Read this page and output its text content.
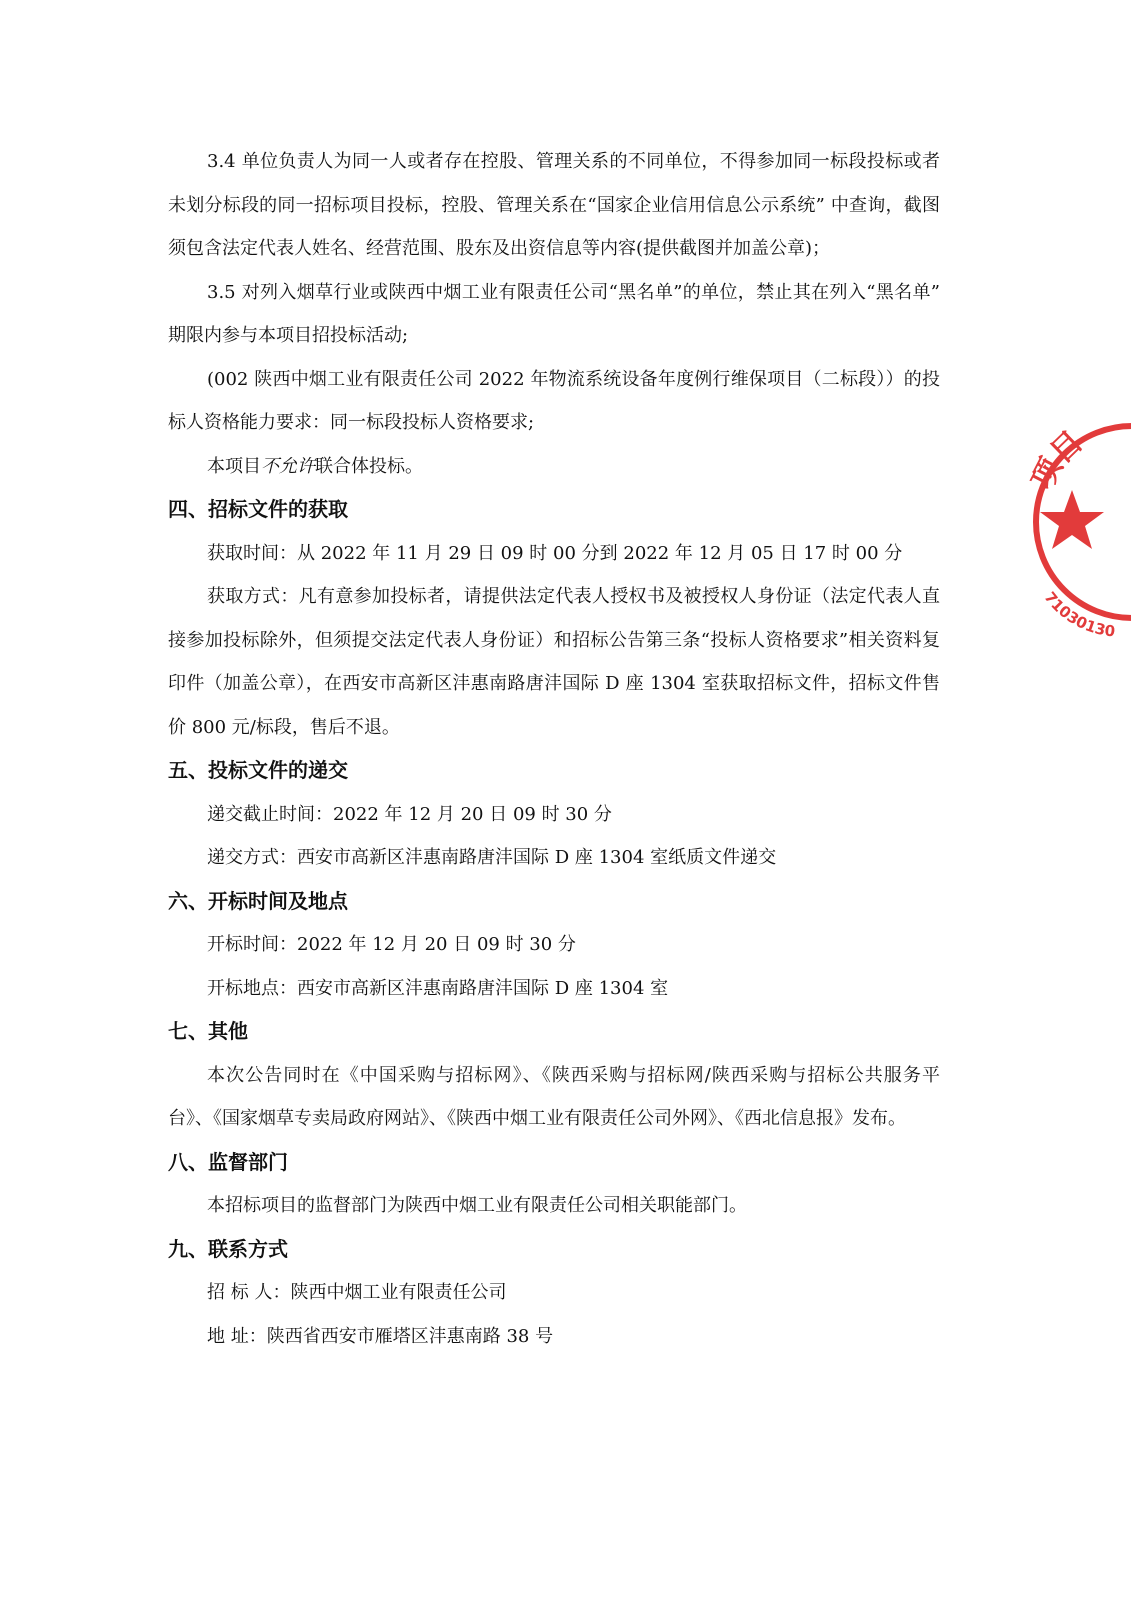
3.4 单位负责人为同一人或者存在控股、管理关系的不同单位，不得参加同一标段投标或者 未划分标段的同一招标项目投标，控股、管理关系在“国家企业信用信息公示系统” 中查询，截图须包含法定代表人姓名、经营范围、股东及出资信息等内容(提供截图并加盖公章)；

3.5 对列入烟草行业或陕西中烟工业有限责任公司“黑名单”的单位，禁止其在列入“黑名单” 期限内参与本项目招投标活动;

(002 陕西中烟工业有限责任公司 2022 年物流系统设备年度例行维保项目（二标段））的投标人资格能力要求：同一标段投标人资格要求;

本项目不允许联合体投标。

四、招标文件的获取

获取时间：从 2022 年 11 月 29 日 09 时 00 分到 2022 年 12 月 05 日 17 时 00 分

获取方式：凡有意参加投标者，请提供法定代表人授权书及被授权人身份证（法定代表人直接参加投标除外，但须提交法定代表人身份证）和招标公告第三条“投标人资格要求”相关资料复印件（加盖公章），在西安市高新区沣惠南路唐沣国际 D 座 1304 室获取招标文件，招标文件售价 800 元/标段，售后不退。

五、投标文件的递交

递交截止时间：2022 年 12 月 20 日 09 时 30 分

递交方式：西安市高新区沣惠南路唐沣国际 D 座 1304 室纸质文件递交

六、开标时间及地点

开标时间：2022 年 12 月 20 日 09 时 30 分

开标地点：西安市高新区沣惠南路唐沣国际 D 座 1304 室

七、其他

本次公告同时在《中国采购与招标网》、《陕西采购与招标网/陕西采购与招标公共服务平台》、《国家烟草专卖局政府网站》、《陕西中烟工业有限责任公司外网》、《西北信息报》发布。

八、监督部门

本招标项目的监督部门为陕西中烟工业有限责任公司相关职能部门。

九、联系方式

招 标 人：陕西中烟工业有限责任公司

地 址：陕西省西安市雁塔区沣惠南路 38 号

项目
71030130
